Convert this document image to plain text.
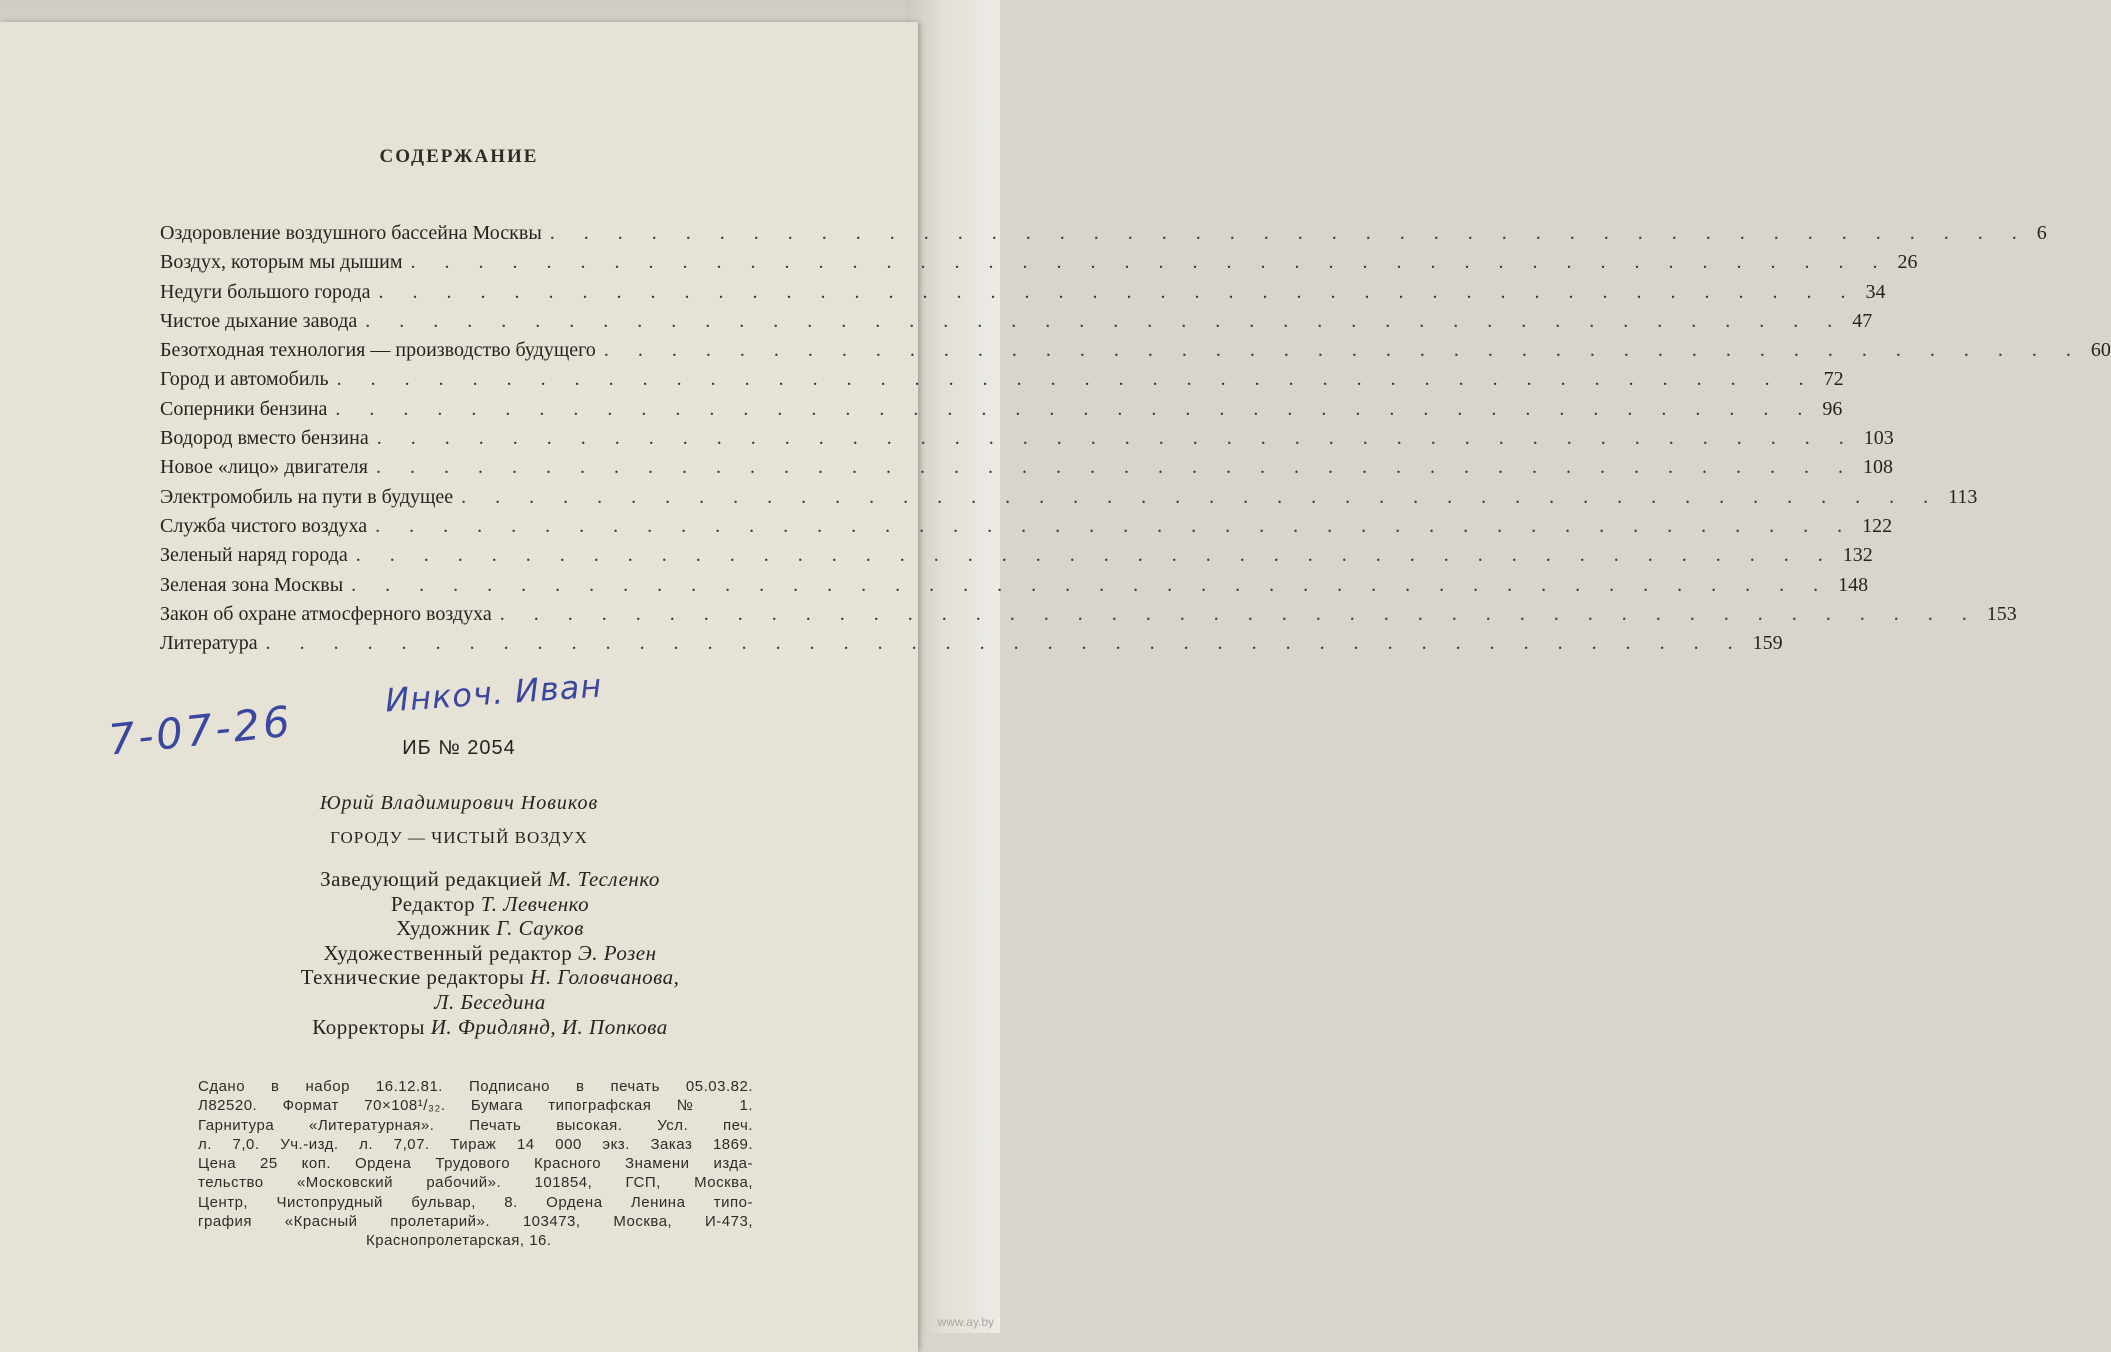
СОДЕРЖАНИЕ
Оздоровление воздушного бассейна Москвы . . . . . . . . . . . . . . . . . . . . . . . . . . . . . . . . . . . . . . . . . . . . 6
Воздух, которым мы дышим . . . . . . . . . . . . . . . . . . . . . . . . . . . . . . . . . . . . . . . . . . . . 26
Недуги большого города . . . . . . . . . . . . . . . . . . . . . . . . . . . . . . . . . . . . . . . . . . . . 34
Чистое дыхание завода . . . . . . . . . . . . . . . . . . . . . . . . . . . . . . . . . . . . . . . . . . . . 47
Безотходная технология — производство будущего . . . . . . . . . . . . . . . . . . . . . . . . . . . . . . . . . . . . . . . . . . . . 60
Город и автомобиль . . . . . . . . . . . . . . . . . . . . . . . . . . . . . . . . . . . . . . . . . . . . 72
Соперники бензина . . . . . . . . . . . . . . . . . . . . . . . . . . . . . . . . . . . . . . . . . . . . 96
Водород вместо бензина . . . . . . . . . . . . . . . . . . . . . . . . . . . . . . . . . . . . . . . . . . . . 103
Новое «лицо» двигателя . . . . . . . . . . . . . . . . . . . . . . . . . . . . . . . . . . . . . . . . . . . . 108
Электромобиль на пути в будущее . . . . . . . . . . . . . . . . . . . . . . . . . . . . . . . . . . . . . . . . . . . . 113
Служба чистого воздуха . . . . . . . . . . . . . . . . . . . . . . . . . . . . . . . . . . . . . . . . . . . . 122
Зеленый наряд города . . . . . . . . . . . . . . . . . . . . . . . . . . . . . . . . . . . . . . . . . . . . 132
Зеленая зона Москвы . . . . . . . . . . . . . . . . . . . . . . . . . . . . . . . . . . . . . . . . . . . . 148
Закон об охране атмосферного воздуха . . . . . . . . . . . . . . . . . . . . . . . . . . . . . . . . . . . . . . . . . . . . 153
Литература . . . . . . . . . . . . . . . . . . . . . . . . . . . . . . . . . . . . . . . . . . . . 159
Инкоч. Иван
7-07-26	ИБ № 2054
Юрий Владимирович Новиков
ГОРОДУ — ЧИСТЫЙ ВОЗДУХ
Заведующий редакцией М. Тесленко
Редактор Т. Левченко
Художник Г. Сауков
Художественный редактор Э. Розен
Технические редакторы Н. Головчанова,
Л. Беседина
Корректоры И. Фридлянд, И. Попкова
Сдано в набор 16.12.81. Подписано в печать 05.03.82.
Л82520. Формат 70×108¹/₃₂. Бумага типографская № 1.
Гарнитура «Литературная». Печать высокая. Усл. печ.
л. 7,0. Уч.-изд. л. 7,07. Тираж 14 000 экз. Заказ 1869.
Цена 25 коп. Ордена Трудового Красного Знамени изда-
тельство «Московский рабочий». 101854, ГСП, Москва,
Центр, Чистопрудный бульвар, 8. Ордена Ленина типо-
графия «Красный пролетарий». 103473, Москва, И-473,
Краснопролетарская, 16.
www.ay.by
